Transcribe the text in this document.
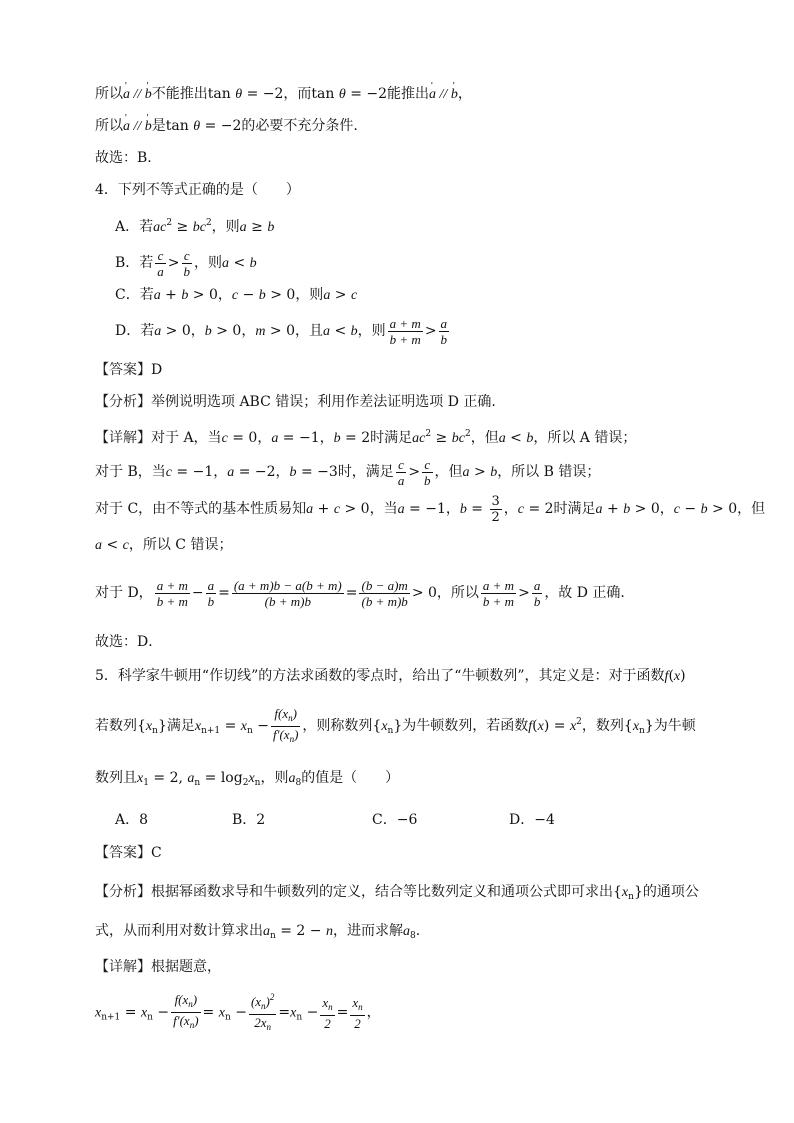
所以' a // ' b不能推出tan θ = −2，而tan θ = −2能推出' a // ' b，
所以' a // ' b是tan θ = −2的必要不充分条件.
故选：B.
4．下列不等式正确的是（　　）
A．若$ac^2 \ge bc^2$，则a ≥ b
B．若 $\frac{c}{a} > \frac{c}{b}$ ，则a < b
C．若a + b > 0，c − b > 0，则a > c
D．若a > 0，b > 0，m > 0，且a < b，则 $\frac{a + m}{b + m} > \frac{a}{b}$
【答案】D
【分析】举例说明选项 ABC 错误；利用作差法证明选项 D 正确.
【详解】对于 A，当c = 0，a = −1，b = 2时满足$ac^2 \ge bc^2$，但a < b，所以 A 错误；
对于 B，当c = −1，a = −2，b = −3时，满足 $\frac{c}{a} > \frac{c}{b}$ ，但a > b，所以 B 错误；
对于 C，由不等式的基本性质易知a + c > 0，当a = −1，$b = \frac{3}{2}$ ，c = 2时满足a + b > 0，c − b > 0，但
a < c，所以 C 错误；
对于 D， $\frac{a + m}{b + m} - \frac{a}{b} = \frac{(a + m)b - a(b + m)}{(b + m)b} = \frac{(b - a)m}{(b + m)b} > 0$，所以 $\frac{a + m}{b + m} > \frac{a}{b}$ ，故 D 正确.
故选：D．
5．科学家牛顿用“作切线”的方法求函数的零点时，给出了“牛顿数列”，其定义是：对于函数f(x)
若数列$\{x_n\}$满足$x_{n+1} = x_n - \frac{f(x_n)}{f'(x_n)}$ ，则称数列$\{x_n\}$为牛顿数列，若函数$f(x) = x^2$，数列$\{x_n\}$为牛顿
数列且$x_1 = 2$, $a_n = \log_2x_n$，则$a_8$的值是（　　）
A．8	B．2	C．−6	D．−4
【答案】C
【分析】根据幂函数求导和牛顿数列的定义，结合等比数列定义和通项公式即可求出$\{x_n\}$的通项公
式，从而利用对数计算求出$a_n = 2 - n$，进而求解$a_8$.
【详解】根据题意，
$x_{n+1} = x_n - \frac{f(x_n)}{f'(x_n)} = x_n - \frac{(x_n)^2}{2x_n} =x_n - \frac{x_n}{2} = \frac{x_n}{2}$ ，
